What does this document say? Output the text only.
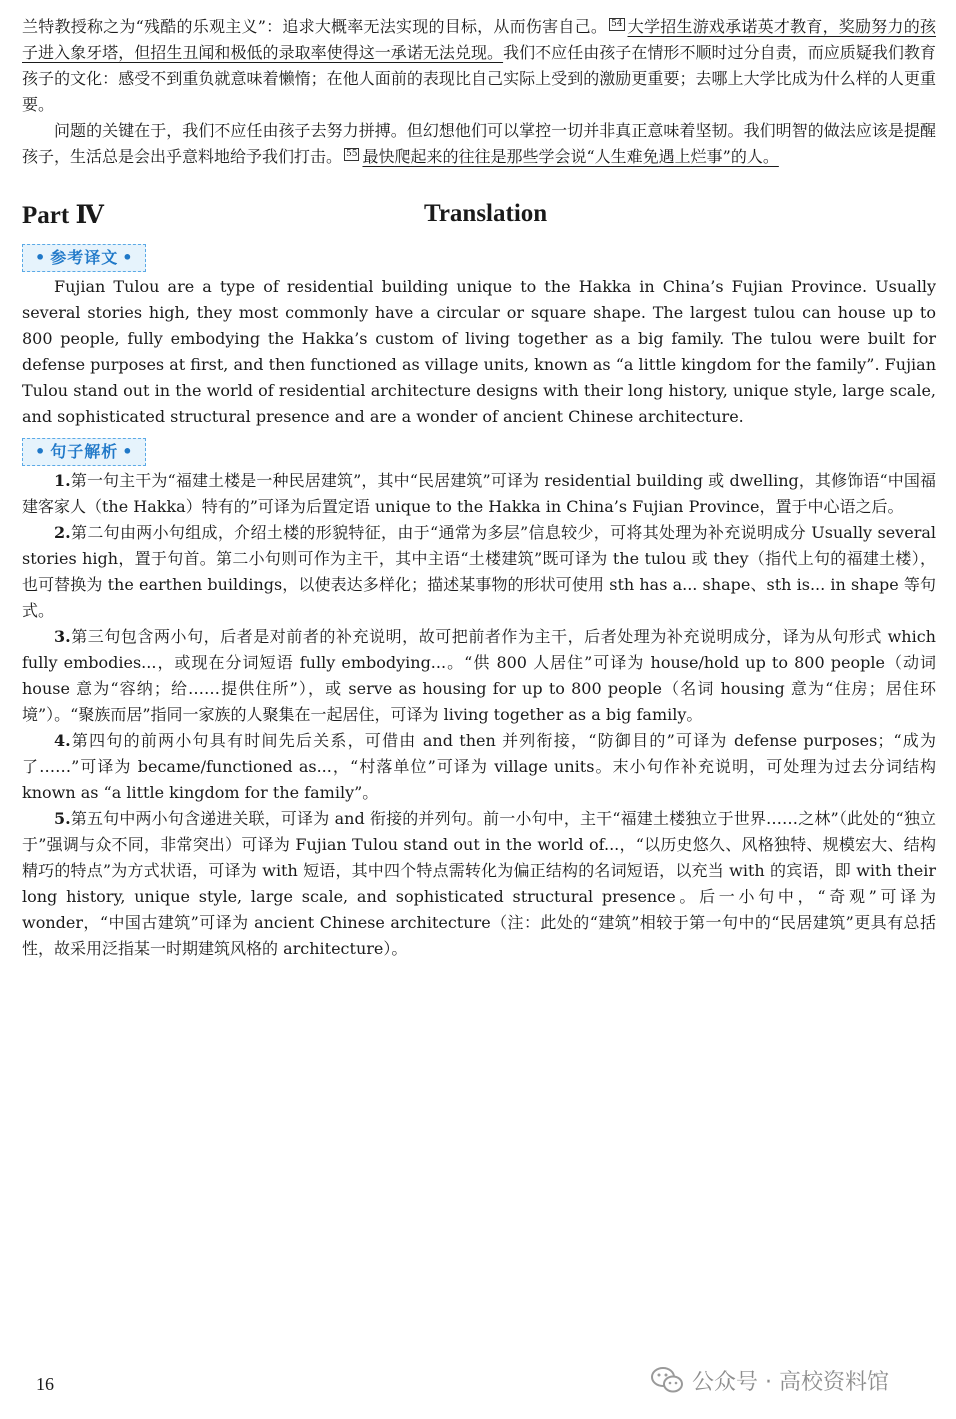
兰特教授称之为“残酷的乐观主义”：追求大概率无法实现的目标，从而伤害自己。 54 大学招生游戏承诺英才教育，奖励努力的孩子进入象牙塔，但招生丑闻和极低的录取率使得这一承诺无法兑现。我们不应任由孩子在情形不顺时过分自责，而应质疑我们教育孩子的文化：感受不到重负就意味着懒惰；在他人面前的表现比自己实际上受到的激励更重要；去哪上大学比成为什么样的人更重要。

问题的关键在于，我们不应任由孩子去努力拼搏。但幻想他们可以掌控一切并非真正意味着坚韧。我们明智的做法应该是提醒孩子，生活总是会出乎意料地给予我们打击。 55 最快爬起来的往往是那些学会说“人生难免遇上烂事”的人。

Part Ⅳ	Translation
• 参考译文 •

Fujian Tulou are a type of residential building unique to the Hakka in China’s Fujian Province. Usually several stories high, they most commonly have a circular or square shape. The largest tulou can house up to 800 people, fully embodying the Hakka’s custom of living together as a big family. The tulou were built for defense purposes at first, and then functioned as village units, known as “a little kingdom for the family”. Fujian Tulou stand out in the world of residential architecture designs with their long history, unique style, large scale, and sophisticated structural presence and are a wonder of ancient Chinese architecture.

• 句子解析 •

1.第一句主干为“福建土楼是一种民居建筑”，其中“民居建筑”可译为 residential building 或 dwelling，其修饰语“中国福建客家人（the Hakka）特有的”可译为后置定语 unique to the Hakka in China’s Fujian Province，置于中心语之后。

2.第二句由两小句组成，介绍土楼的形貌特征，由于“通常为多层”信息较少，可将其处理为补充说明成分 Usually several stories high，置于句首。第二小句则可作为主干，其中主语“土楼建筑”既可译为 the tulou 或 they（指代上句的福建土楼），也可替换为 the earthen buildings，以使表达多样化；描述某事物的形状可使用 sth has a... shape、sth is... in shape 等句式。

3.第三句包含两小句，后者是对前者的补充说明，故可把前者作为主干，后者处理为补充说明成分，译为从句形式 which fully embodies...，或现在分词短语 fully embodying...。“供 800 人居住”可译为 house/hold up to 800 people（动词 house 意为“容纳；给……提供住所”），或 serve as housing for up to 800 people（名词 housing 意为“住房；居住环境”）。“聚族而居”指同一家族的人聚集在一起居住，可译为 living together as a big family。

4.第四句的前两小句具有时间先后关系，可借由 and then 并列衔接，“防御目的”可译为 defense purposes；“成为了……”可译为 became/functioned as...，“村落单位”可译为 village units。末小句作补充说明，可处理为过去分词结构 known as “a little kingdom for the family”。

5.第五句中两小句含递进关联，可译为 and 衔接的并列句。前一小句中，主干“福建土楼独立于世界……之林”（此处的“独立于”强调与众不同，非常突出）可译为 Fujian Tulou stand out in the world of...，“以历史悠久、风格独特、规模宏大、结构精巧的特点”为方式状语，可译为 with 短语，其中四个特点需转化为偏正结构的名词短语，以充当 with 的宾语，即 with their long history, unique style, large scale, and sophisticated structural presence。后一小句中，“奇观”可译为 wonder，“中国古建筑”可译为 ancient Chinese architecture（注：此处的“建筑”相较于第一句中的“民居建筑”更具有总括性，故采用泛指某一时期建筑风格的 architecture）。

16	公众号 · 高校资料馆
